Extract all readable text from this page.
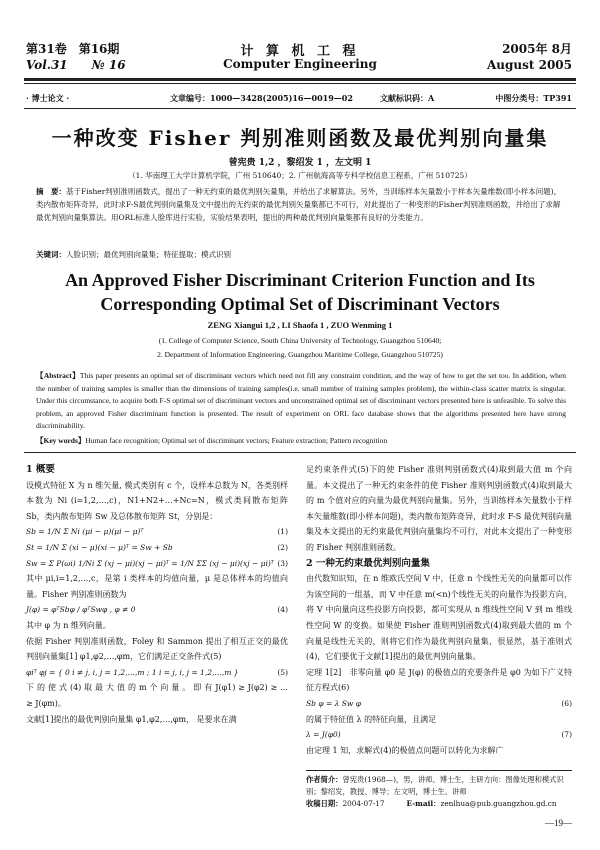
第31卷　第16期
Vol.31　　№ 16
计 算 机 工 程
Computer Engineering
2005年 8月
August 2005
· 博士论文 ·	文章编号：1000—3428(2005)16—0019—02	文献标识码：A	中图分类号：TP391
一种改变 Fisher 判别准则函数及最优判别向量集
曾宪贵 1,2 ，黎绍发 1 ，左文明 1
（1. 华南理工大学计算机学院，广州 510640；2. 广州航海高等专科学校信息工程系，广州 510725）
摘　要：基于Fisher判别准则函数式，提出了一种无约束的最优判别矢量集，并给出了求解算法。另外，当训练样本矢量数小于样本矢量维数(即小样本问题)，类内散布矩阵奇异，此时求F-S最优判别向量集及文中提出的无约束的最优判别矢量集都已不可行，对此提出了一种变形的Fisher判别准则函数，并给出了求解最优判别向量集算法。用ORL标准人脸库进行实验，实验结果表明，提出的两种最优判别向量集都有良好的分类能力。
关键词：人脸识别；最优判别向量集；特征提取；模式识别
An Approved Fisher Discriminant Criterion Function and Its
Corresponding Optimal Set of Discriminant Vectors
ZENG Xiangui 1,2 , LI Shaofa 1 , ZUO Wenming 1
(1. College of Computer Science, South China University of Technology, Guangzhou 510640;
2. Department of Information Engineering, Guangzhou Maritime College, Guangzhou 510725)
【Abstract】This paper presents an optimal set of discriminant vectors which need not fill any constraint condition, and the way of how to get the set too. In addition, when the number of training samples is smaller than the dimensions of training samples(i.e. small number of training samples problem), the within-class scatter matrix is singular. Under this circumstance, to acquire both F-S optimal set of discriminant vectors and unconstrained optimal set of discriminant vectors presented here is unfeasible. To solve this problem, an approved Fisher discriminant function is presented. The result of experiment on ORL face database shows that the algorithms presented here have strong discriminability.
【Key words】Human face recognition; Optimal set of discriminant vectors; Feature extraction; Pattern recognition
1 概要

设模式特征 X 为 n 维矢量, 模式类别有 c 个，设样本总数为 N，各类别样本数为 Ni (i=1,2,…,c)，N1+N2+…+Nc=N，模式类间散布矩阵 Sb，类内散布矩阵 Sw 及总体散布矩阵 St，分别是：

Sb = 1/N Σ Ni (μi − μ)(μi − μ)ᵀ	(1)
St = 1/N Σ (xi − μ)(xi − μ)ᵀ = Sw + Sb	(2)
Sw = Σ P(ωi) 1/Ni Σ (xj − μi)(xj − μi)ᵀ = 1/N ΣΣ (xj − μi)(xj − μi)ᵀ (3)

其中 μi,i=1,2,…,c，是第 i 类样本的均值向量，μ 是总体样本的均值向量。Fisher 判别准则函数为

J(φ) = φᵀSbφ / φᵀSwφ , φ ≠ 0	(4)

其中 φ 为 n 维列向量。

依据 Fisher 判别准则函数，Foley 和 Sammon 提出了相互正交的最优判别向量集[1] φ1,φ2,…,φm，它们满足正交条件式(5)

φiᵀ φj = { 0 i ≠ j, i, j = 1,2,…,m ; 1 i = j, i, j = 1,2,…,m }	(5)

下 的 使 式 (4) 取 最 大 值 的 m 个 向 量 。 即 有 J(φ1) ≥ J(φ2) ≥ … ≥ J(φm)。

文献[1]提出的最优判别向量集 φ1,φ2,…,φm， 是要求在满

足约束条件式(5)下的使 Fisher 准则判别函数式(4)取到最大值 m 个向量。本文提出了一种无约束条件的使 Fisher 准则判别函数式(4)取到最大的 m 个值对应的向量为最优判别向量集。另外，当训练样本矢量数小于样本矢量维数(即小样本问题)，类内散布矩阵奇异，此时求 F-S 最优判别向量集及本文提出的无约束最优判别向量集均不可行，对此本文提出了一种变形的 Fisher 判别准则函数。

2 一种无约束最优判别向量集

由代数知识知，在 n 维欧氏空间 V 中，任意 n 个线性无关的向量都可以作为该空间的一组基，而 V 中任意 m(<n)个线性无关的向量作为投影方向，将 V 中向量向这些投影方向投影，都可实现从 n 维线性空间 V 到 m 维线性空间 W 的变换。如果使 Fisher 准则判别函数式(4)取到最大值的 m 个向量是线性无关的，则将它们作为最优判别向量集，很显然，基于准则式(4)，它们要优于文献[1]提出的最优判别向量集。

定理 1[2]　非零向量 φ0 是 J(φ) 的极值点的充要条件是 φ0 为如下广义特征方程式(6)

Sb φ = λ Sw φ	(6)

的属于特征值 λ 的特征向量，且满足

λ = J(φ0)	(7)

由定理 1 知，求解式(4)的极值点问题可以转化为求解广

作者简介：曾宪贵(1968—)，男，讲师、博士生，主研方向：图像处理和模式识别；黎绍发，教授、博导；左文明，博士生、讲师
收稿日期：2004-07-17　　　	E-mail：zenlhua@pub.guangzhou.gd.cn
—19—
